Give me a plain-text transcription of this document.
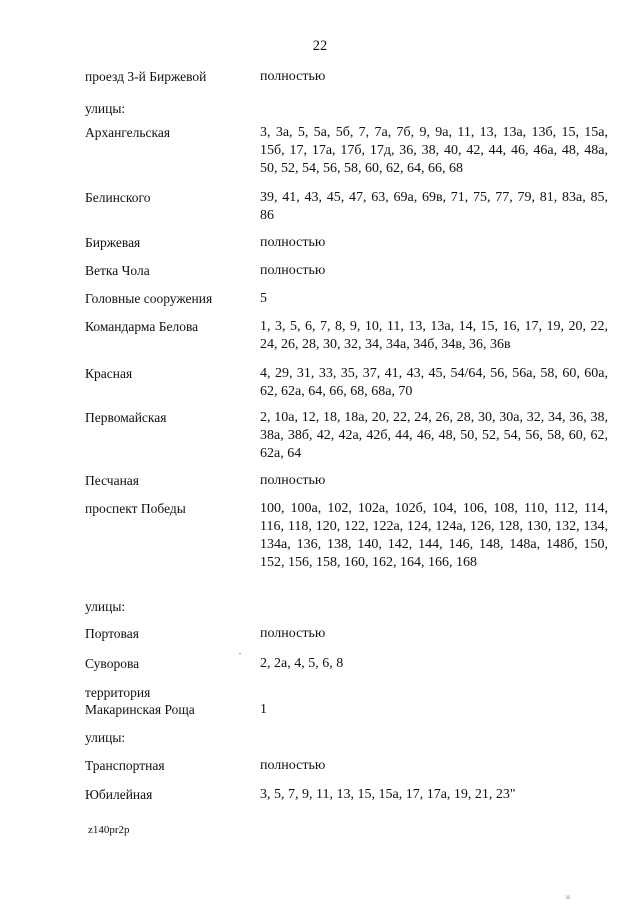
22
проезд 3-й Биржевой	полностью
улицы:
Архангельская	3, 3а, 5, 5а, 5б, 7, 7а, 7б, 9, 9а, 11, 13, 13а, 13б, 15, 15а, 15б, 17, 17а, 17б, 17д, 36, 38, 40, 42, 44, 46, 46а, 48, 48а, 50, 52, 54, 56, 58, 60, 62, 64, 66, 68
Белинского	39, 41, 43, 45, 47, 63, 69а, 69в, 71, 75, 77, 79, 81, 83а, 85, 86
Биржевая	полностью
Ветка Чола	полностью
Головные сооружения	5
Командарма Белова	1, 3, 5, 6, 7, 8, 9, 10, 11, 13, 13а, 14, 15, 16, 17, 19, 20, 22, 24, 26, 28, 30, 32, 34, 34а, 34б, 34в, 36, 36в
Красная	4, 29, 31, 33, 35, 37, 41, 43, 45, 54/64, 56, 56а, 58, 60, 60а, 62, 62а, 64, 66, 68, 68а, 70
Первомайская	2, 10а, 12, 18, 18а, 20, 22, 24, 26, 28, 30, 30а, 32, 34, 36, 38, 38а, 38б, 42, 42а, 42б, 44, 46, 48, 50, 52, 54, 56, 58, 60, 62, 62а, 64
Песчаная	полностью
проспект Победы	100, 100а, 102, 102а, 102б, 104, 106, 108, 110, 112, 114, 116, 118, 120, 122, 122а, 124, 124а, 126, 128, 130, 132, 134, 134а, 136, 138, 140, 142, 144, 146, 148, 148а, 148б, 150, 152, 156, 158, 160, 162, 164, 166, 168
улицы:
Портовая	полностью
Суворова	2, 2а, 4, 5, 6, 8
территория
Макаринская Роща	1
улицы:
Транспортная	полностью
Юбилейная	3, 5, 7, 9, 11, 13, 15, 15а, 17, 17а, 19, 21, 23"
z140pr2p
ıı
